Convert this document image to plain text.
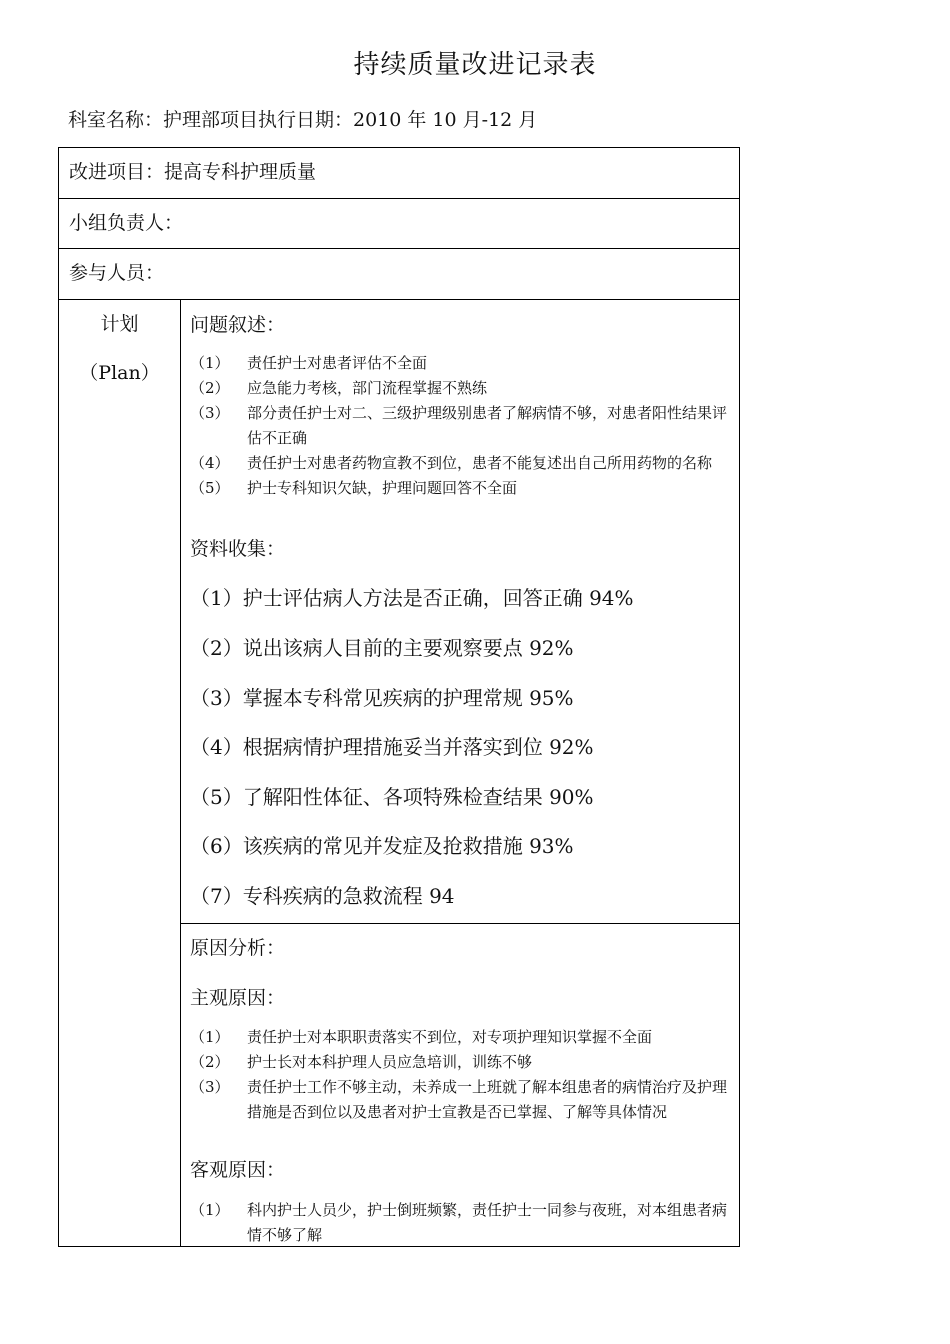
持续质量改进记录表
科室名称：护理部项目执行日期：2010 年 10 月-12 月
改进项目：提高专科护理质量
小组负责人：
参与人员：
计划
（Plan）
问题叙述：
（1）	责任护士对患者评估不全面
（2）	应急能力考核，部门流程掌握不熟练
（3）	部分责任护士对二、三级护理级别患者了解病情不够，对患者阳性结果评估不正确
（4）	责任护士对患者药物宣教不到位，患者不能复述出自己所用药物的名称
（5）	护士专科知识欠缺，护理问题回答不全面
资料收集：
（1）护士评估病人方法是否正确，回答正确 94%
（2）说出该病人目前的主要观察要点 92%
（3）掌握本专科常见疾病的护理常规 95%
（4）根据病情护理措施妥当并落实到位 92%
（5）了解阳性体征、各项特殊检查结果 90%
（6）该疾病的常见并发症及抢救措施 93%
（7）专科疾病的急救流程 94
原因分析：
主观原因：
（1）	责任护士对本职职责落实不到位，对专项护理知识掌握不全面
（2）	护士长对本科护理人员应急培训，训练不够
（3）	责任护士工作不够主动，未养成一上班就了解本组患者的病情治疗及护理措施是否到位以及患者对护士宣教是否已掌握、了解等具体情况
客观原因：
（1）	科内护士人员少，护士倒班频繁，责任护士一同参与夜班，对本组患者病情不够了解
